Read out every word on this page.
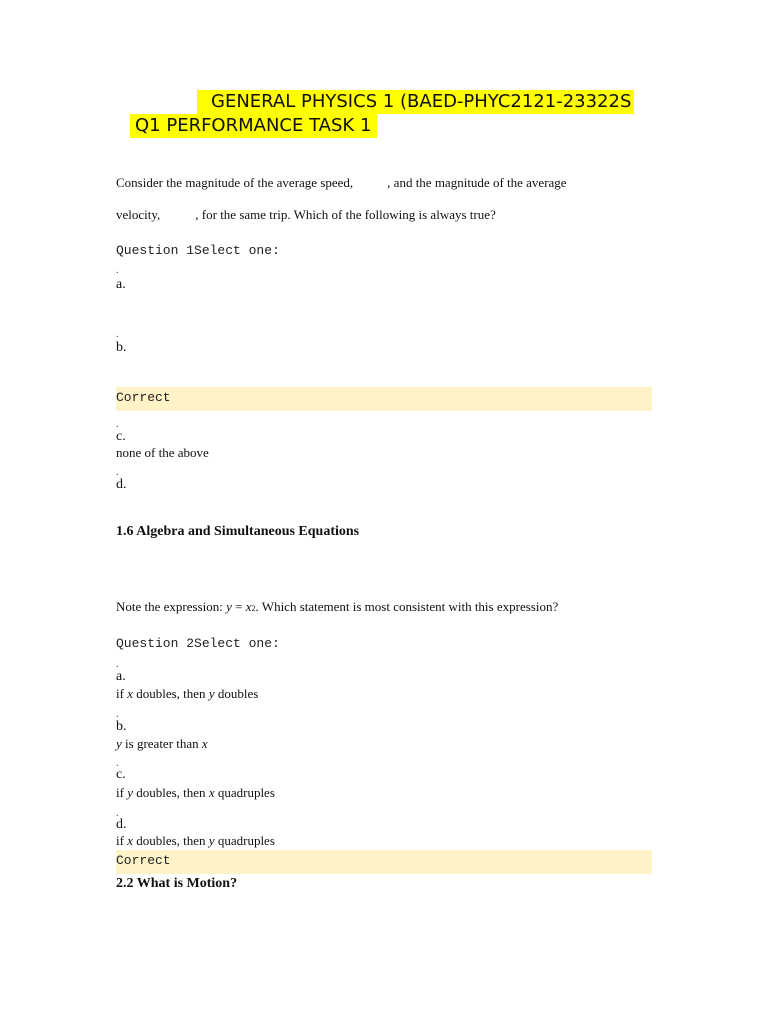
GENERAL PHYSICS 1 (BAED-PHYC2121-23322S
Q1 PERFORMANCE TASK 1
Consider the magnitude of the average speed,	, and the magnitude of the average
velocity,	, for the same trip. Which of the following is always true?
Question 1Select one:
.
a.
.
b.
Correct
.
c.
none of the above
.
d.
1.6 Algebra and Simultaneous Equations
Note the expression: y = x2. Which statement is most consistent with this expression?
Question 2Select one:
.
a.
if x doubles, then y doubles
.
b.
y is greater than x
.
c.
if y doubles, then x quadruples
.
d.
if x doubles, then y quadruples
Correct
2.2 What is Motion?
